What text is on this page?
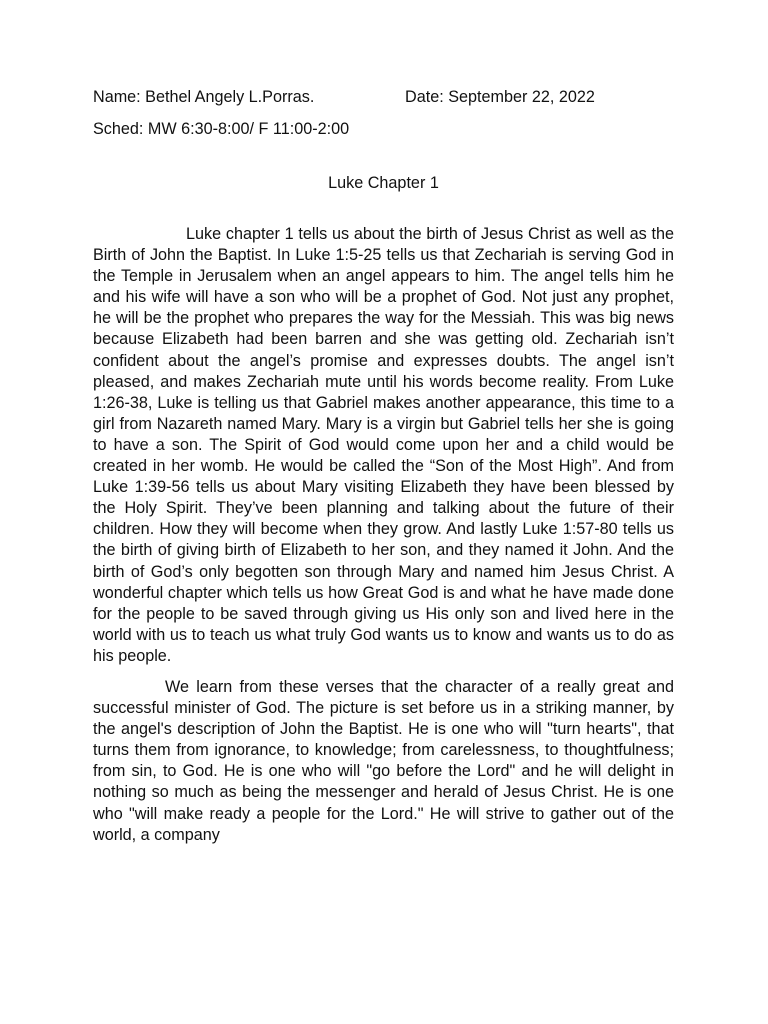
Name: Bethel Angely L.Porras.	Date: September 22, 2022
Sched: MW 6:30-8:00/ F 11:00-2:00
Luke Chapter 1

Luke chapter 1 tells us about the birth of Jesus Christ as well as the Birth of John the Baptist. In Luke 1:5-25 tells us that Zechariah is serving God in the Temple in Jerusalem when an angel appears to him. The angel tells him he and his wife will have a son who will be a prophet of God. Not just any prophet, he will be the prophet who prepares the way for the Messiah. This was big news because Elizabeth had been barren and she was getting old. Zechariah isn’t confident about the angel’s promise and expresses doubts. The angel isn’t pleased, and makes Zechariah mute until his words become reality. From Luke 1:26-38, Luke is telling us that Gabriel makes another appearance, this time to a girl from Nazareth named Mary. Mary is a virgin but Gabriel tells her she is going to have a son. The Spirit of God would come upon her and a child would be created in her womb. He would be called the “Son of the Most High”. And from Luke 1:39-56 tells us about Mary visiting Elizabeth they have been blessed by the Holy Spirit. They’ve been planning and talking about the future of their children. How they will become when they grow. And lastly Luke 1:57-80 tells us the birth of giving birth of Elizabeth to her son, and they named it John. And the birth of God’s only begotten son through Mary and named him Jesus Christ. A wonderful chapter which tells us how Great God is and what he have made done for the people to be saved through giving us His only son and lived here in the world with us to teach us what truly God wants us to know and wants us to do as his people.

We learn from these verses that the character of a really great and successful minister of God. The picture is set before us in a striking manner, by the angel's description of John the Baptist. He is one who will "turn hearts", that turns them from ignorance, to knowledge; from carelessness, to thoughtfulness; from sin, to God. He is one who will "go before the Lord" and he will delight in nothing so much as being the messenger and herald of Jesus Christ. He is one who "will make ready a people for the Lord." He will strive to gather out of the world, a company
